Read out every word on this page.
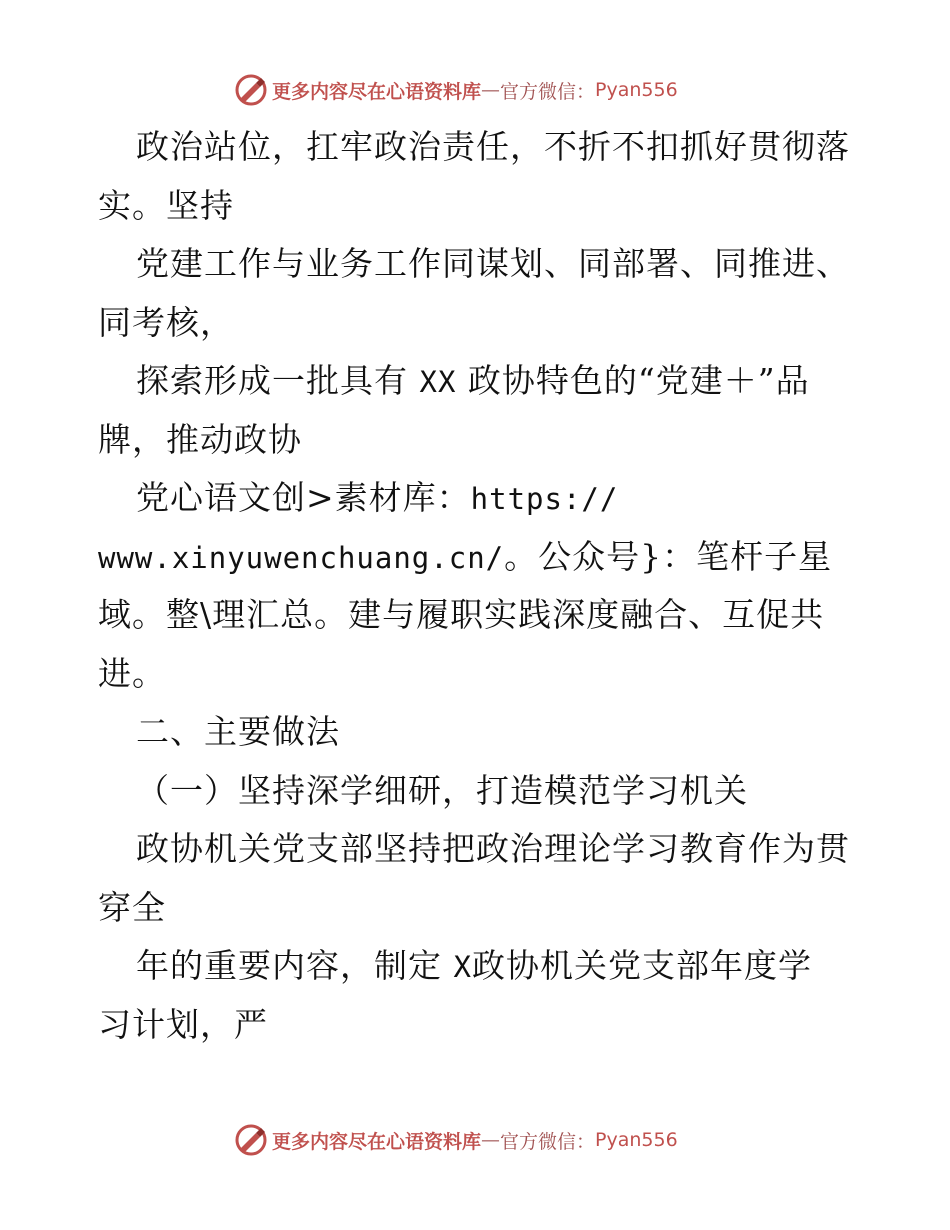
更多内容尽在心语资料库 — 官方微信： Pyan556
政治站位，扛牢政治责任，不折不扣抓好贯彻落
实。坚持
党建工作与业务工作同谋划、同部署、同推进、
同考核，
探索形成一批具有 XX 政协特色的“党建＋”品
牌，推动政协
党心语文创>素材库：https://
www.xinyuwenchuang.cn/。公众号}：笔杆子星
域。整\理汇总。建与履职实践深度融合、互促共
进。
二、主要做法
（一）坚持深学细研，打造模范学习机关
政协机关党支部坚持把政治理论学习教育作为贯
穿全
年的重要内容，制定 X政协机关党支部年度学
习计划，严
更多内容尽在心语资料库 — 官方微信： Pyan556
